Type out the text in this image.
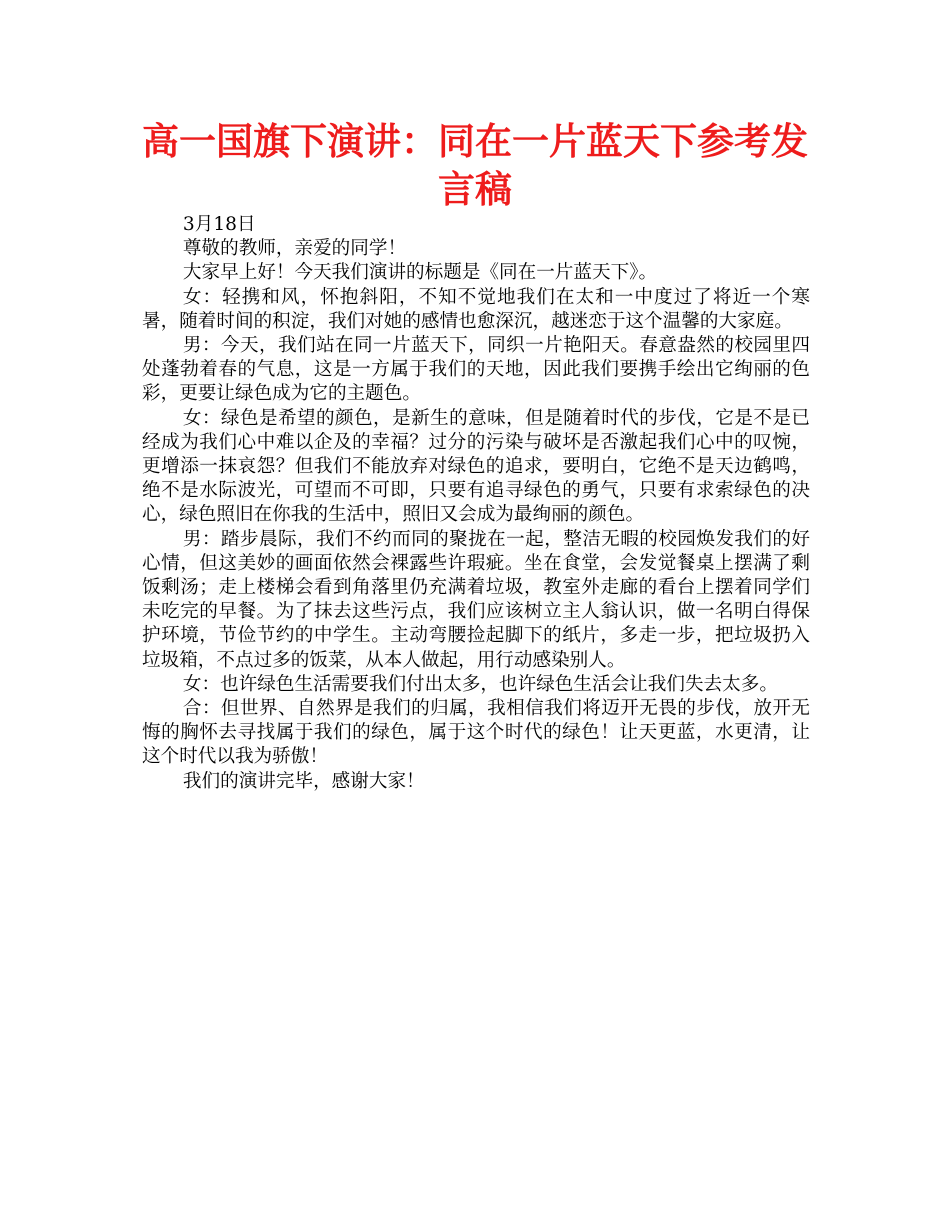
高一国旗下演讲：同在一片蓝天下参考发言稿

3月18日

尊敬的教师，亲爱的同学！

大家早上好！今天我们演讲的标题是《同在一片蓝天下》。

女：轻携和风，怀抱斜阳，不知不觉地我们在太和一中度过了将近一个寒暑，随着时间的积淀，我们对她的感情也愈深沉，越迷恋于这个温馨的大家庭。

男：今天，我们站在同一片蓝天下，同织一片艳阳天。春意盎然的校园里四处蓬勃着春的气息，这是一方属于我们的天地，因此我们要携手绘出它绚丽的色彩，更要让绿色成为它的主题色。

女：绿色是希望的颜色，是新生的意味，但是随着时代的步伐，它是不是已经成为我们心中难以企及的幸福？过分的污染与破坏是否激起我们心中的叹惋，更增添一抹哀怨？但我们不能放弃对绿色的追求，要明白，它绝不是天边鹤鸣，绝不是水际波光，可望而不可即，只要有追寻绿色的勇气，只要有求索绿色的决心，绿色照旧在你我的生活中，照旧又会成为最绚丽的颜色。

男：踏步晨际，我们不约而同的聚拢在一起，整洁无暇的校园焕发我们的好心情，但这美妙的画面依然会裸露些许瑕疵。坐在食堂，会发觉餐桌上摆满了剩饭剩汤；走上楼梯会看到角落里仍充满着垃圾，教室外走廊的看台上摆着同学们未吃完的早餐。为了抹去这些污点，我们应该树立主人翁认识，做一名明白得保护环境，节俭节约的中学生。主动弯腰捡起脚下的纸片，多走一步，把垃圾扔入垃圾箱，不点过多的饭菜，从本人做起，用行动感染别人。

女：也许绿色生活需要我们付出太多，也许绿色生活会让我们失去太多。

合：但世界、自然界是我们的归属，我相信我们将迈开无畏的步伐，放开无悔的胸怀去寻找属于我们的绿色，属于这个时代的绿色！让天更蓝，水更清，让这个时代以我为骄傲！

我们的演讲完毕，感谢大家！
